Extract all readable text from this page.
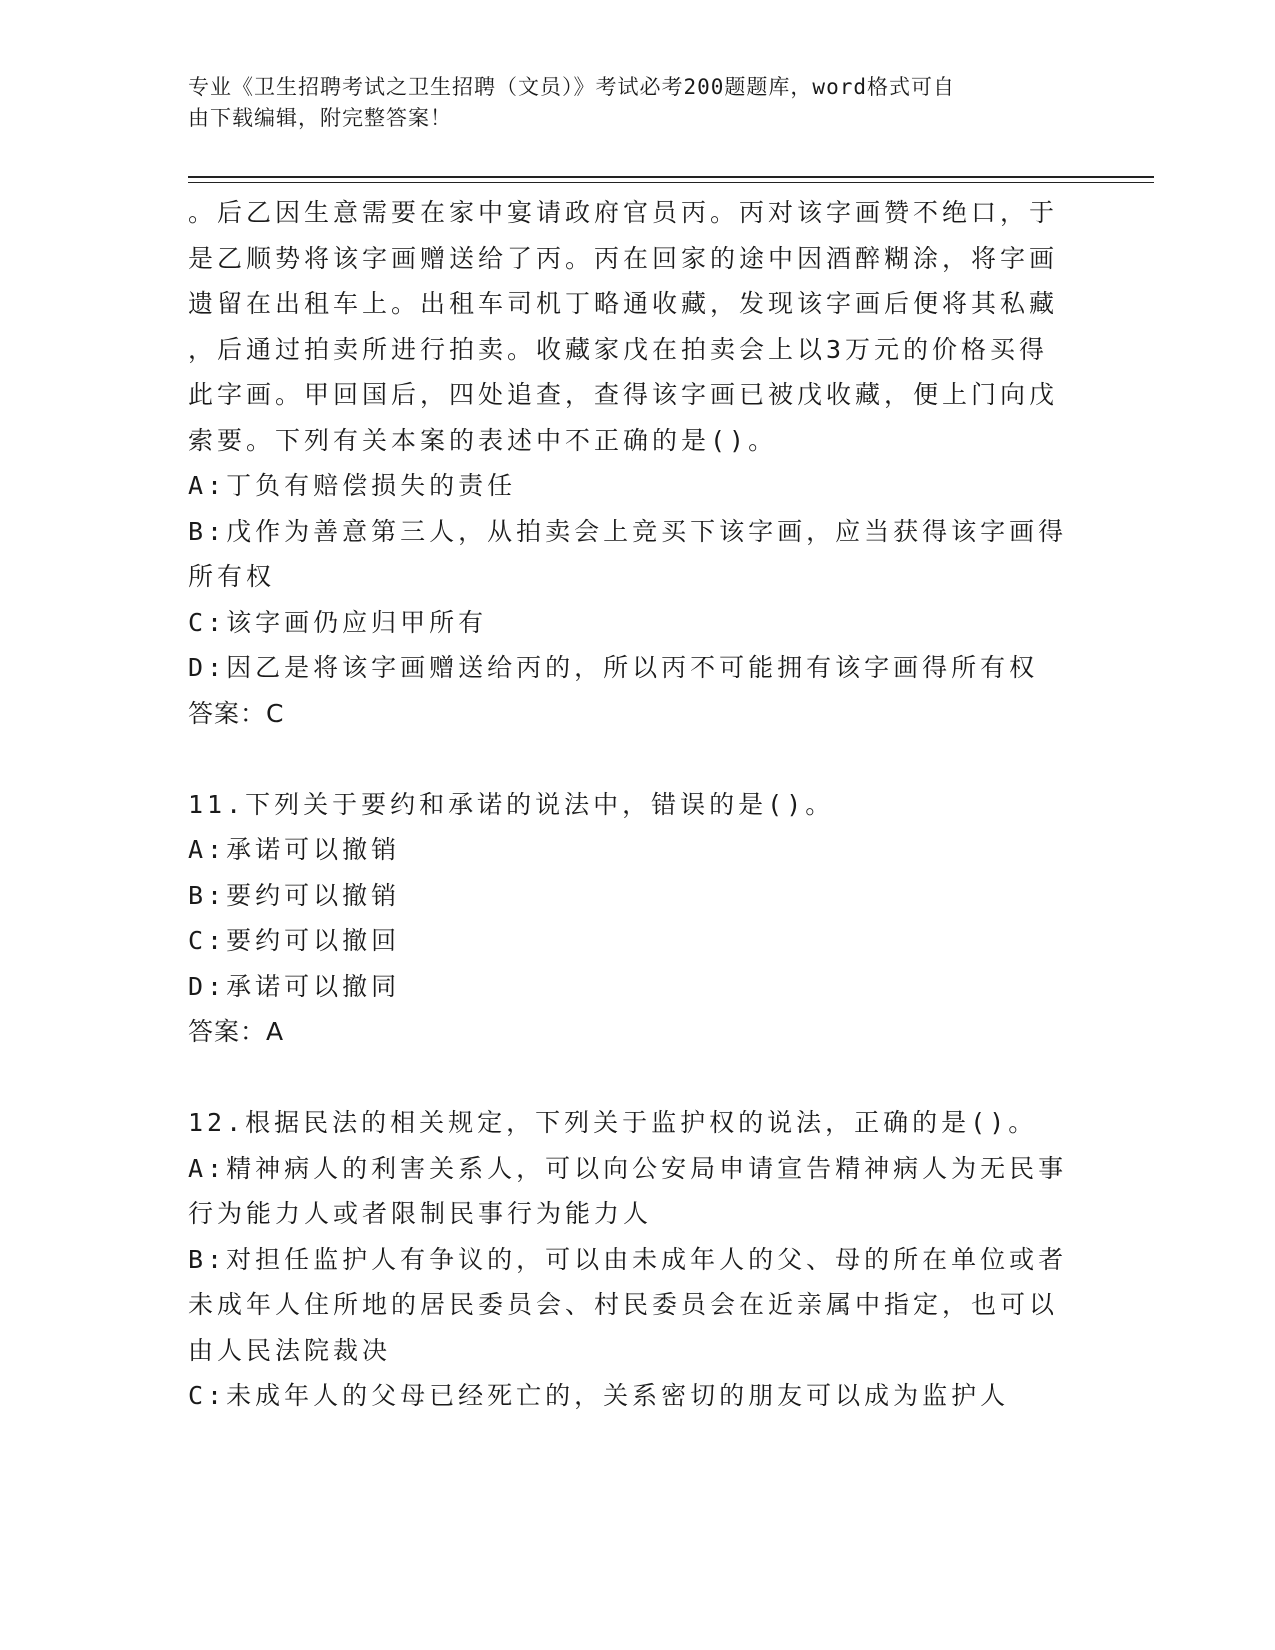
专业《卫生招聘考试之卫生招聘（文员）》考试必考200题题库，word格式可自
由下载编辑，附完整答案！
。后乙因生意需要在家中宴请政府官员丙。丙对该字画赞不绝口，于
是乙顺势将该字画赠送给了丙。丙在回家的途中因酒醉糊涂，将字画
遗留在出租车上。出租车司机丁略通收藏，发现该字画后便将其私藏
，后通过拍卖所进行拍卖。收藏家戊在拍卖会上以3万元的价格买得
此字画。甲回国后，四处追查，查得该字画已被戊收藏，便上门向戊
索要。下列有关本案的表述中不正确的是()。
A:丁负有赔偿损失的责任
B:戊作为善意第三人，从拍卖会上竞买下该字画，应当获得该字画得
所有权
C:该字画仍应归甲所有
D:因乙是将该字画赠送给丙的，所以丙不可能拥有该字画得所有权
答案：C
11.下列关于要约和承诺的说法中，错误的是()。
A:承诺可以撤销
B:要约可以撤销
C:要约可以撤回
D:承诺可以撤同
答案：A
12.根据民法的相关规定，下列关于监护权的说法，正确的是()。
A:精神病人的利害关系人，可以向公安局申请宣告精神病人为无民事
行为能力人或者限制民事行为能力人
B:对担任监护人有争议的，可以由未成年人的父、母的所在单位或者
未成年人住所地的居民委员会、村民委员会在近亲属中指定，也可以
由人民法院裁决
C:未成年人的父母已经死亡的，关系密切的朋友可以成为监护人
